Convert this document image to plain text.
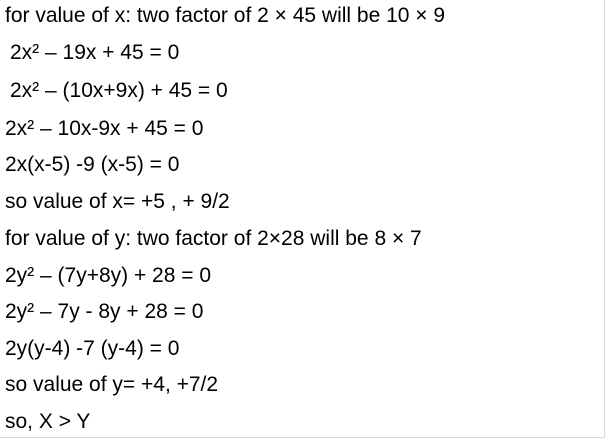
for value of x: two factor of 2 × 45 will be 10 × 9
2x² – 19x + 45 = 0
2x² – (10x+9x) + 45 = 0
2x² – 10x-9x + 45 = 0
2x(x-5) -9 (x-5) = 0
so value of x= +5 , + 9/2
for value of y: two factor of 2×28 will be 8 × 7
2y² – (7y+8y) + 28 = 0
2y² – 7y - 8y + 28 = 0
2y(y-4) -7 (y-4) = 0
so value of y= +4, +7/2
so, X > Y
